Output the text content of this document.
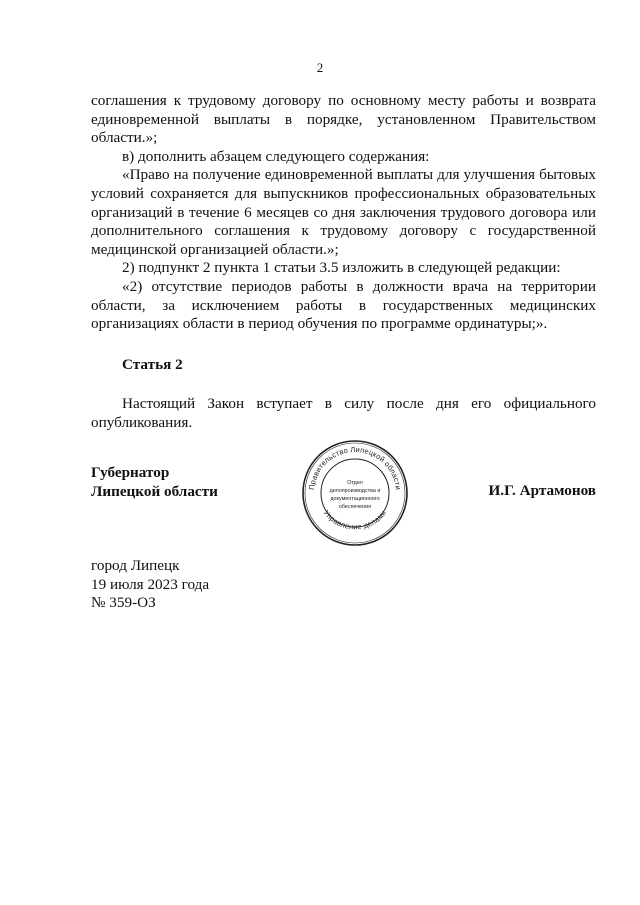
2

соглашения к трудовому договору по основному месту работы и возврата единовременной выплаты в порядке, установленном Правительством области.»;

в) дополнить абзацем следующего содержания:

«Право на получение единовременной выплаты для улучшения бытовых условий сохраняется для выпускников профессиональных образовательных организаций в течение 6 месяцев со дня заключения трудового договора или дополнительного соглашения к трудовому договору с государственной медицинской организацией области.»;

2) подпункт 2 пункта 1 статьи 3.5 изложить в следующей редакции:

«2) отсутствие периодов работы в должности врача на территории области, за исключением работы в государственных медицинских организациях области в период обучения по программе ординатуры;».

Статья 2

Настоящий Закон вступает в силу после дня его официального опубликования.

Губернатор
Липецкой области	И.Г. Артамонов
Правительство Липецкой области
Управление делами
Отдел
делопроизводства и
документационного
обеспечения
город Липецк
19 июля 2023 года
№ 359-ОЗ
